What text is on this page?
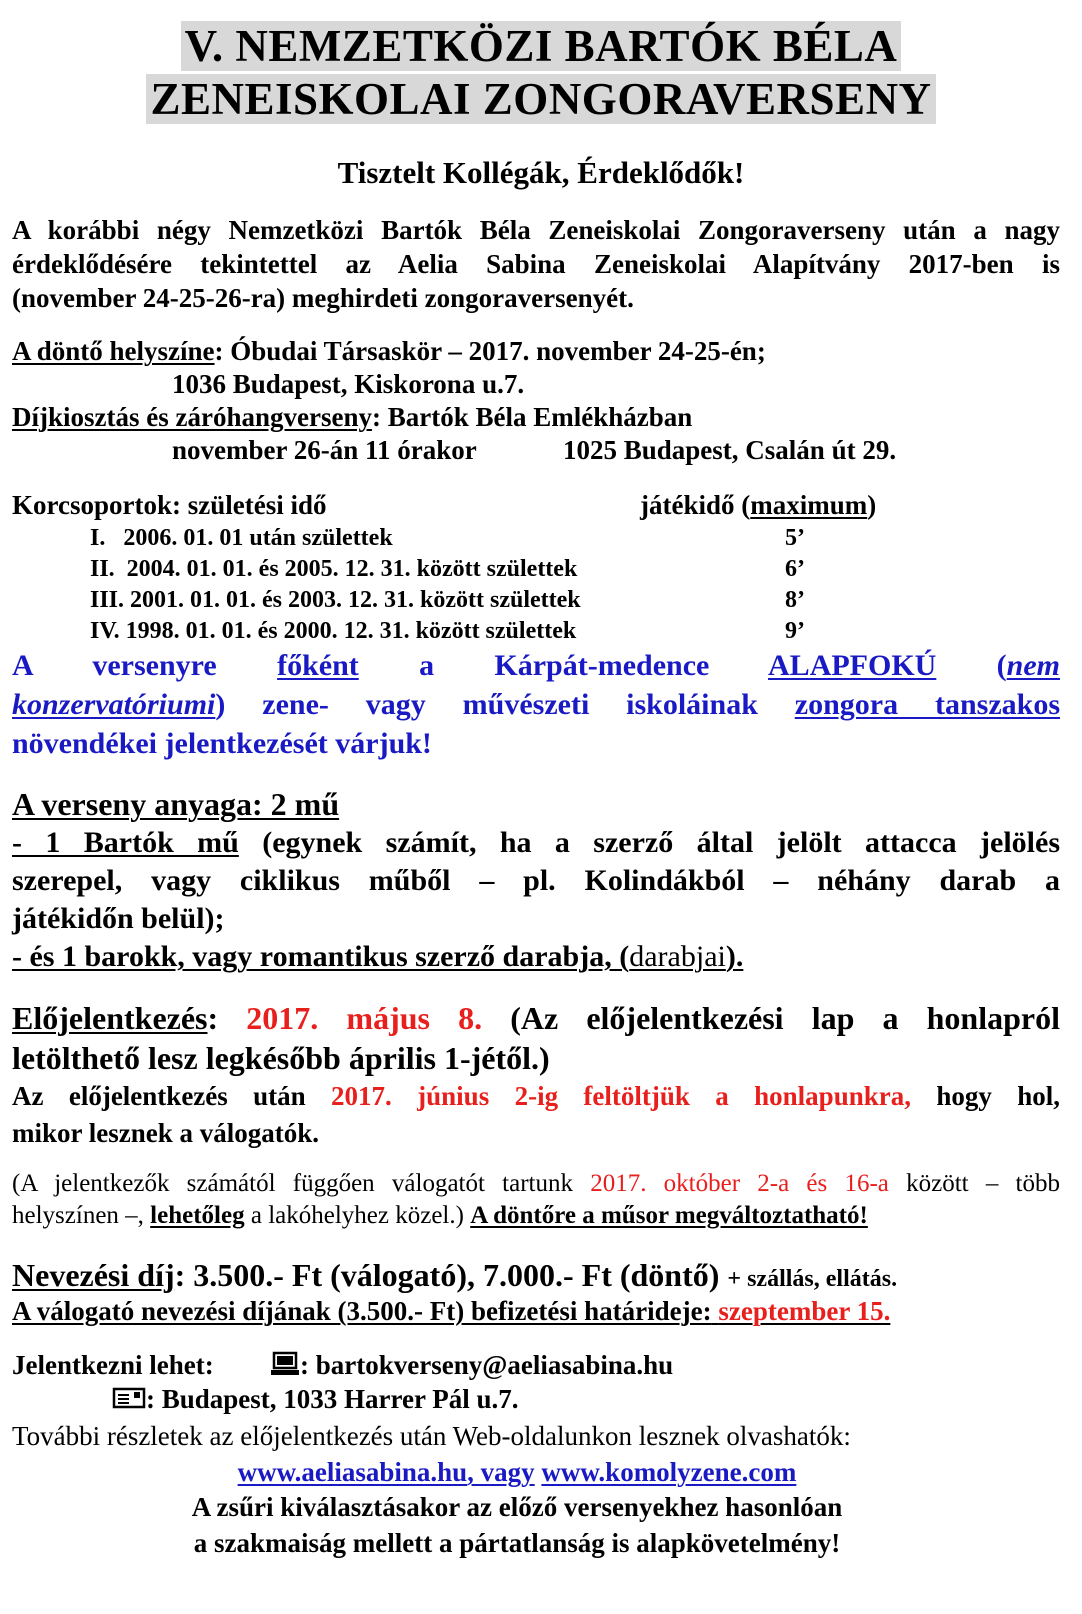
V. NEMZETKÖZI BARTÓK BÉLA
ZENEISKOLAI ZONGORAVERSENY
Tisztelt Kollégák, Érdeklődők!
A korábbi négy Nemzetközi Bartók Béla Zeneiskolai Zongoraverseny után a nagy
érdeklődésére tekintettel az Aelia Sabina Zeneiskolai Alapítvány 2017-ben is
(november 24-25-26-ra) meghirdeti zongoraversenyét.
A döntő helyszíne: Óbudai Társaskör – 2017. november 24-25-én;
1036 Budapest, Kiskorona u.7.
Díjkiosztás és záróhangverseny: Bartók Béla Emlékházban
november 26-án 11 órakor	1025 Budapest, Csalán út 29.
Korcsoportok: születési idő	játékidő (maximum)
I.   2006. 01. 01 után születtek	5’
II.  2004. 01. 01. és 2005. 12. 31. között születtek	6’
III. 2001. 01. 01. és 2003. 12. 31. között születtek	8’
IV. 1998. 01. 01. és 2000. 12. 31. között születtek	9’
A versenyre főként a Kárpát-medence ALAPFOKÚ (nem
konzervatóriumi) zene- vagy művészeti iskoláinak zongora tanszakos
növendékei jelentkezését várjuk!
A verseny anyaga: 2 mű
- 1 Bartók mű (egynek számít, ha a szerző által jelölt attacca jelölés
szerepel, vagy ciklikus műből – pl. Kolindákból – néhány darab a
játékidőn belül);
- és 1 barokk, vagy romantikus szerző darabja, (darabjai).
Előjelentkezés: 2017. május 8. (Az előjelentkezési lap a honlapról
letölthető lesz legkésőbb április 1-jétől.)
Az előjelentkezés után 2017. június 2-ig feltöltjük a honlapunkra, hogy hol,
mikor lesznek a válogatók.
(A jelentkezők számától függően válogatót tartunk 2017. október 2-a és 16-a között – több
helyszínen –, lehetőleg a lakóhelyhez közel.) A döntőre a műsor megváltoztatható!
Nevezési díj: 3.500.- Ft (válogató), 7.000.- Ft (döntő) + szállás, ellátás.
A válogató nevezési díjának (3.500.- Ft) befizetési határideje: szeptember 15.
Jelentkezni lehet:	: bartokverseny@aeliasabina.hu
: Budapest, 1033 Harrer Pál u.7.
További részletek az előjelentkezés után Web-oldalunkon lesznek olvashatók:
www.aeliasabina.hu, vagy www.komolyzene.com
A zsűri kiválasztásakor az előző versenyekhez hasonlóan
a szakmaiság mellett a pártatlanság is alapkövetelmény!
